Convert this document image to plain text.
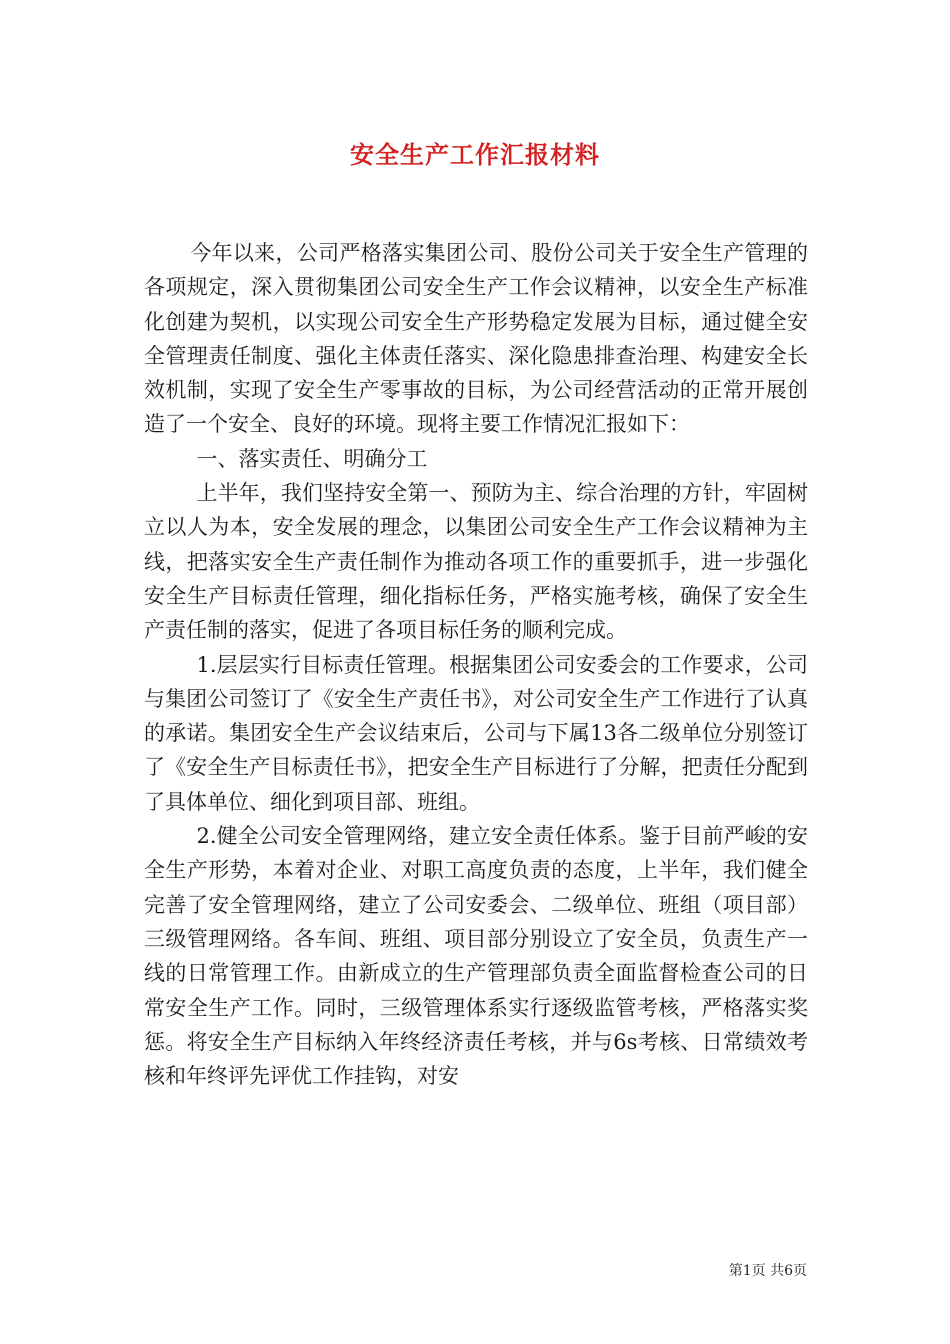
安全生产工作汇报材料

今年以来，公司严格落实集团公司、股份公司关于安全生产管理的各项规定，深入贯彻集团公司安全生产工作会议精神，以安全生产标准化创建为契机，以实现公司安全生产形势稳定发展为目标，通过健全安全管理责任制度、强化主体责任落实、深化隐患排查治理、构建安全长效机制，实现了安全生产零事故的目标，为公司经营活动的正常开展创造了一个安全、良好的环境。现将主要工作情况汇报如下：

一、落实责任、明确分工

上半年，我们坚持安全第一、预防为主、综合治理的方针，牢固树立以人为本，安全发展的理念，以集团公司安全生产工作会议精神为主线，把落实安全生产责任制作为推动各项工作的重要抓手，进一步强化安全生产目标责任管理，细化指标任务，严格实施考核，确保了安全生产责任制的落实，促进了各项目标任务的顺利完成。

1.层层实行目标责任管理。根据集团公司安委会的工作要求，公司与集团公司签订了《安全生产责任书》，对公司安全生产工作进行了认真的承诺。集团安全生产会议结束后，公司与下属13各二级单位分别签订了《安全生产目标责任书》，把安全生产目标进行了分解，把责任分配到了具体单位、细化到项目部、班组。

2.健全公司安全管理网络，建立安全责任体系。鉴于目前严峻的安全生产形势，本着对企业、对职工高度负责的态度，上半年，我们健全完善了安全管理网络，建立了公司安委会、二级单位、班组（项目部）三级管理网络。各车间、班组、项目部分别设立了安全员，负责生产一线的日常管理工作。由新成立的生产管理部负责全面监督检查公司的日常安全生产工作。同时，三级管理体系实行逐级监管考核，严格落实奖惩。将安全生产目标纳入年终经济责任考核，并与6s考核、日常绩效考核和年终评先评优工作挂钩，对安

第1页 共6页
